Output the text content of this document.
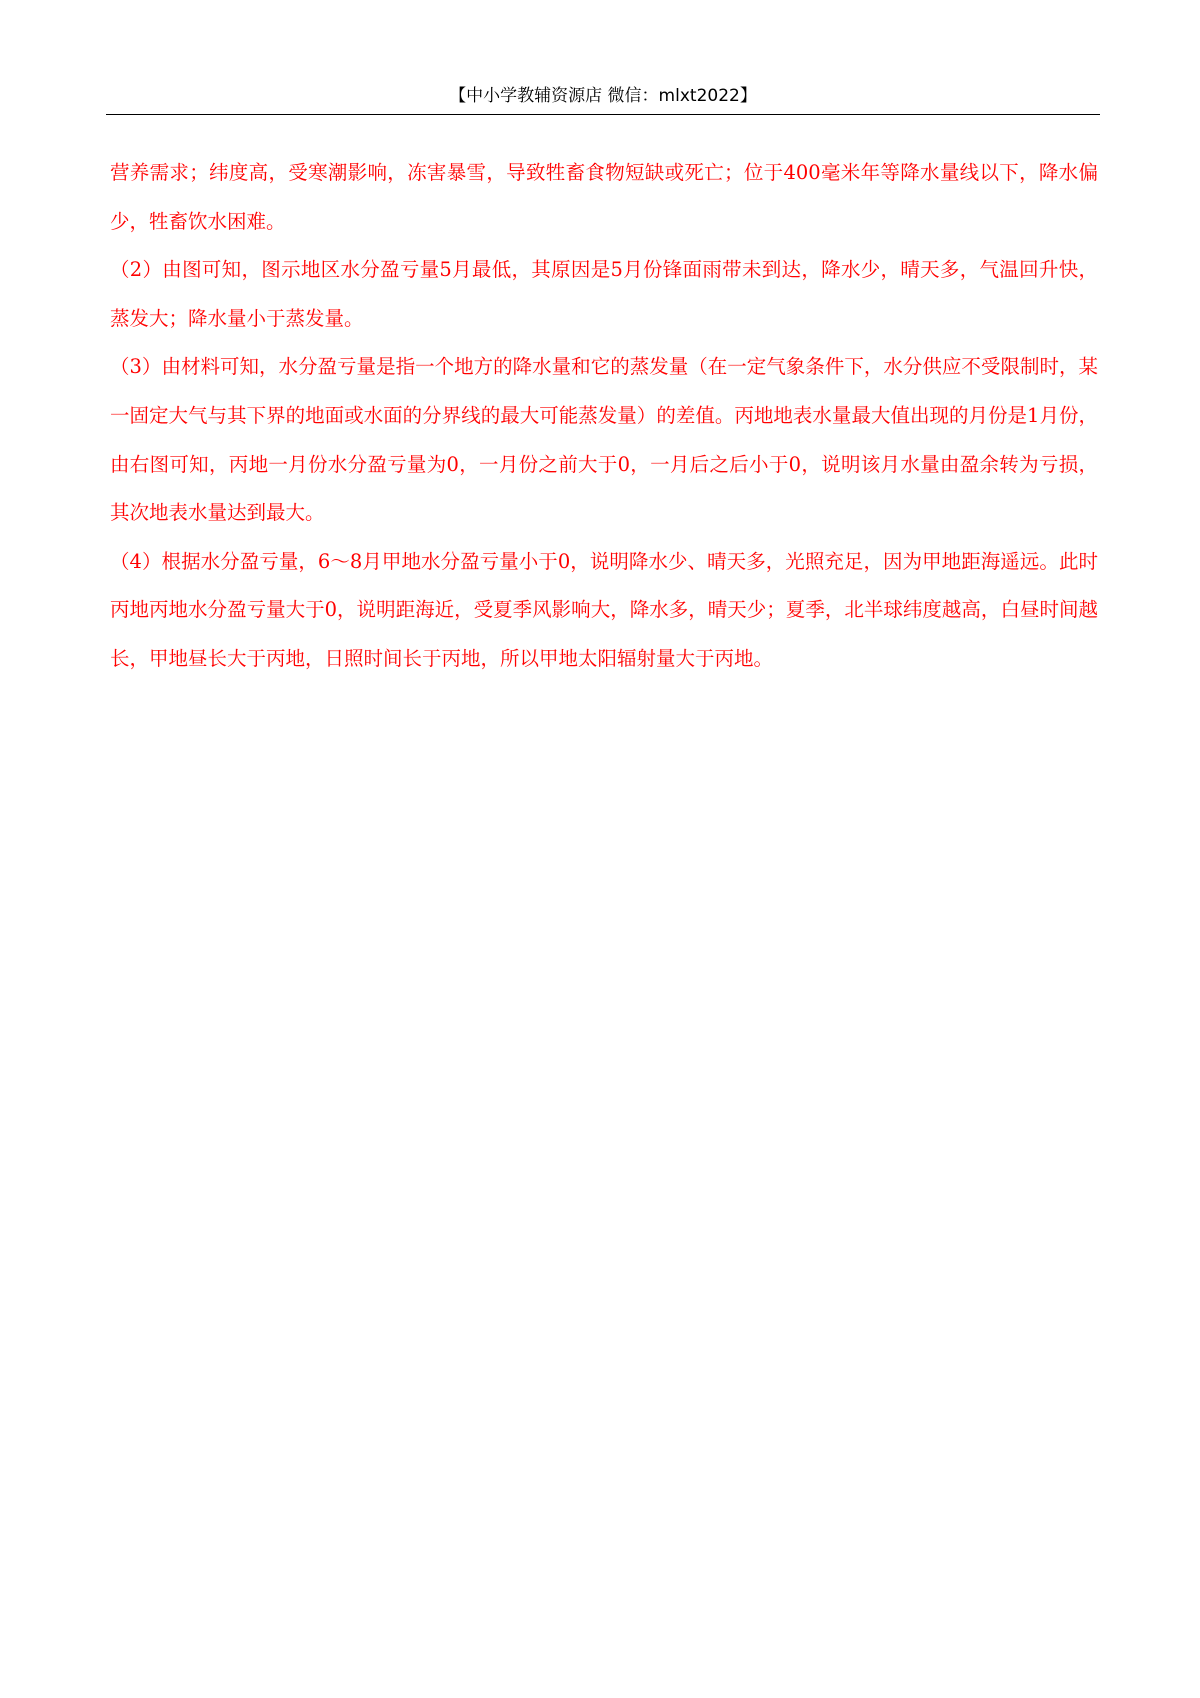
【中小学教辅资源店 微信：mlxt2022】

营养需求；纬度高，受寒潮影响，冻害暴雪，导致牲畜食物短缺或死亡；位于400毫米年等降水量线以下，降水偏少，牲畜饮水困难。

（2）由图可知，图示地区水分盈亏量5月最低，其原因是5月份锋面雨带未到达，降水少，晴天多，气温回升快，蒸发大；降水量小于蒸发量。

（3）由材料可知，水分盈亏量是指一个地方的降水量和它的蒸发量（在一定气象条件下，水分供应不受限制时，某一固定大气与其下界的地面或水面的分界线的最大可能蒸发量）的差值。丙地地表水量最大值出现的月份是1月份，由右图可知，丙地一月份水分盈亏量为0，一月份之前大于0，一月后之后小于0，说明该月水量由盈余转为亏损，其次地表水量达到最大。

（4）根据水分盈亏量，6～8月甲地水分盈亏量小于0，说明降水少、晴天多，光照充足，因为甲地距海遥远。此时丙地丙地水分盈亏量大于0，说明距海近，受夏季风影响大，降水多，晴天少；夏季，北半球纬度越高，白昼时间越长，甲地昼长大于丙地，日照时间长于丙地，所以甲地太阳辐射量大于丙地。
